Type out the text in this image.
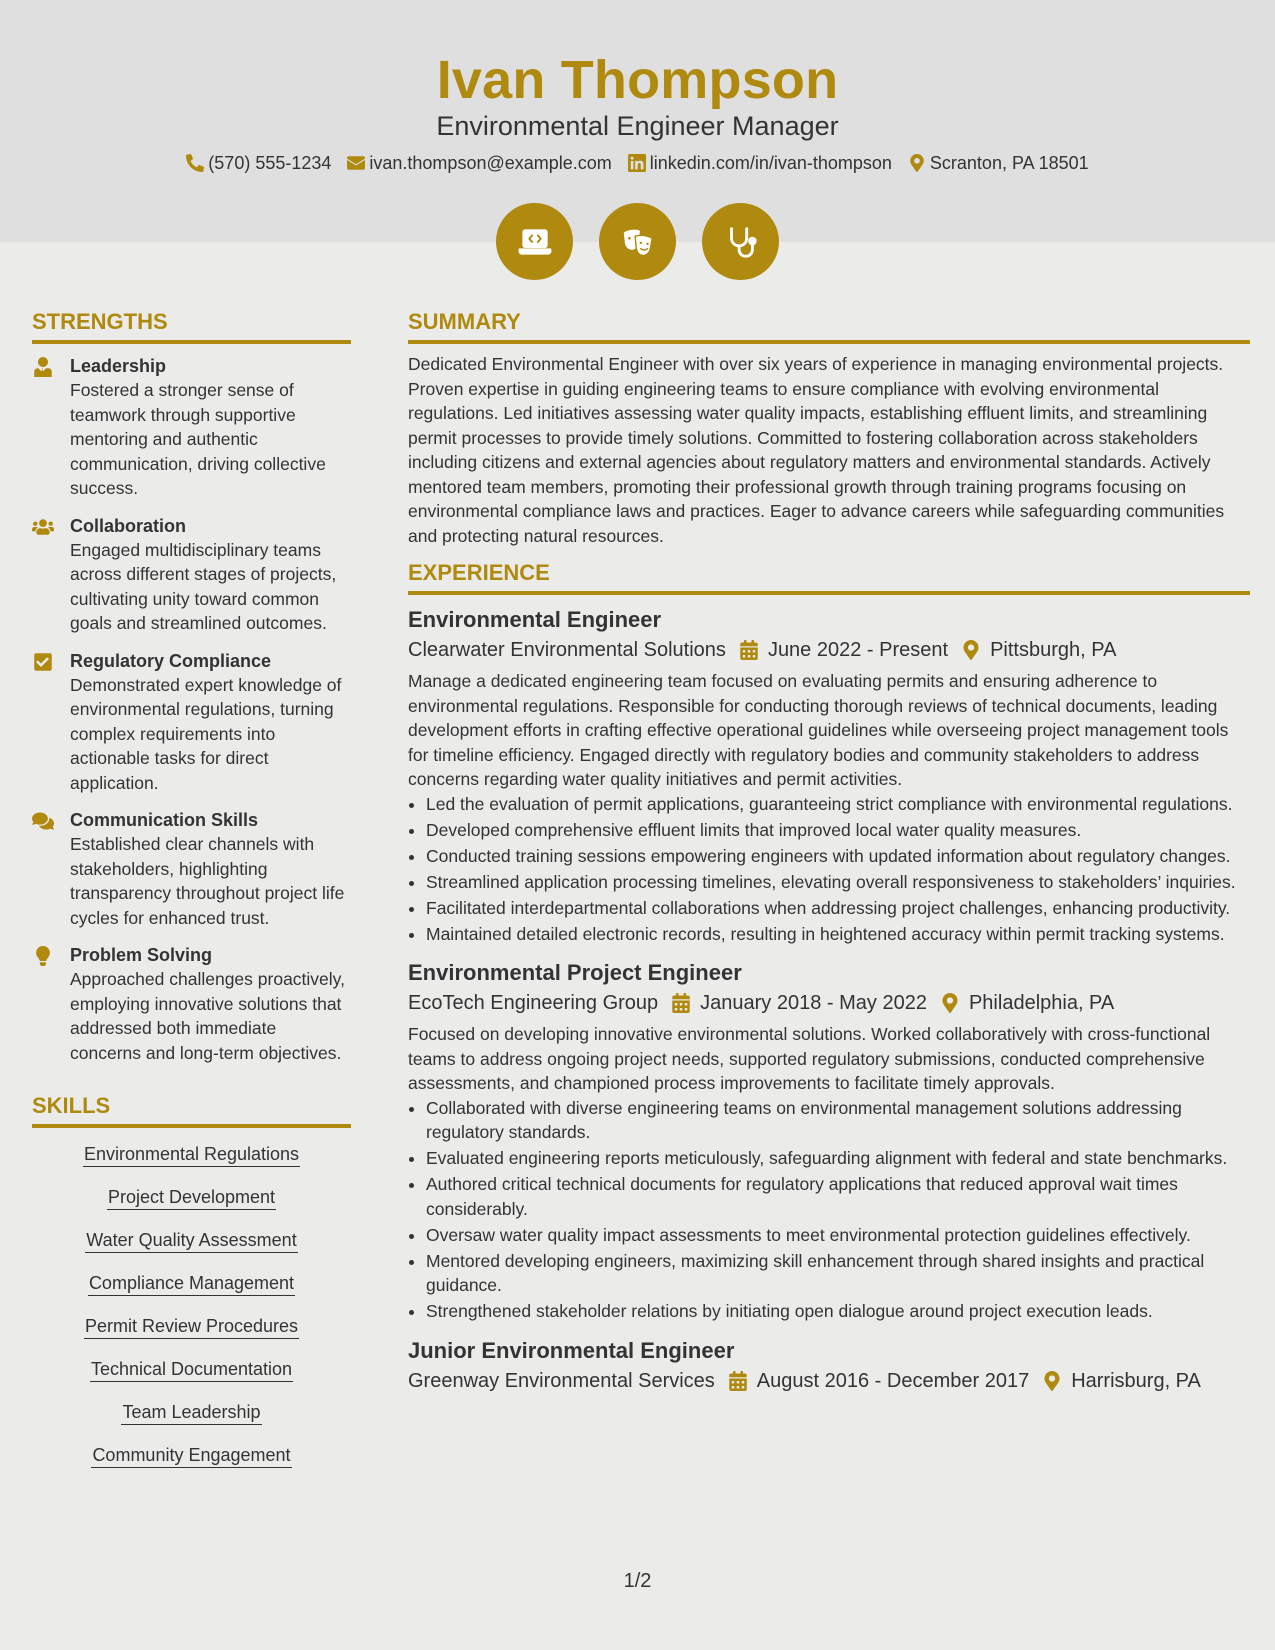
Ivan Thompson
Environmental Engineer Manager
(570) 555-1234 ivan.thompson@example.com linkedin.com/in/ivan-thompson Scranton, PA 18501
STRENGTHS
Leadership
Fostered a stronger sense of teamwork through supportive mentoring and authentic communication, driving collective success.
Collaboration
Engaged multidisciplinary teams across different stages of projects, cultivating unity toward common goals and streamlined outcomes.
Regulatory Compliance
Demonstrated expert knowledge of environmental regulations, turning complex requirements into actionable tasks for direct application.
Communication Skills
Established clear channels with stakeholders, highlighting transparency throughout project life cycles for enhanced trust.
Problem Solving
Approached challenges proactively, employing innovative solutions that addressed both immediate concerns and long-term objectives.
SKILLS
Environmental Regulations
Project Development
Water Quality Assessment
Compliance Management
Permit Review Procedures
Technical Documentation
Team Leadership
Community Engagement
SUMMARY
Dedicated Environmental Engineer with over six years of experience in managing environmental projects. Proven expertise in guiding engineering teams to ensure compliance with evolving environmental regulations. Led initiatives assessing water quality impacts, establishing effluent limits, and streamlining permit processes to provide timely solutions. Committed to fostering collaboration across stakeholders including citizens and external agencies about regulatory matters and environmental standards. Actively mentored team members, promoting their professional growth through training programs focusing on environmental compliance laws and practices. Eager to advance careers while safeguarding communities and protecting natural resources.
EXPERIENCE
Environmental Engineer
Clearwater Environmental Solutions June 2022 - Present Pittsburgh, PA
Manage a dedicated engineering team focused on evaluating permits and ensuring adherence to environmental regulations. Responsible for conducting thorough reviews of technical documents, leading development efforts in crafting effective operational guidelines while overseeing project management tools for timeline efficiency. Engaged directly with regulatory bodies and community stakeholders to address concerns regarding water quality initiatives and permit activities.
• Led the evaluation of permit applications, guaranteeing strict compliance with environmental regulations.
• Developed comprehensive effluent limits that improved local water quality measures.
• Conducted training sessions empowering engineers with updated information about regulatory changes.
• Streamlined application processing timelines, elevating overall responsiveness to stakeholders’ inquiries.
• Facilitated interdepartmental collaborations when addressing project challenges, enhancing productivity.
• Maintained detailed electronic records, resulting in heightened accuracy within permit tracking systems.
Environmental Project Engineer
EcoTech Engineering Group January 2018 - May 2022 Philadelphia, PA
Focused on developing innovative environmental solutions. Worked collaboratively with cross-functional teams to address ongoing project needs, supported regulatory submissions, conducted comprehensive assessments, and championed process improvements to facilitate timely approvals.
• Collaborated with diverse engineering teams on environmental management solutions addressing regulatory standards.
• Evaluated engineering reports meticulously, safeguarding alignment with federal and state benchmarks.
• Authored critical technical documents for regulatory applications that reduced approval wait times considerably.
• Oversaw water quality impact assessments to meet environmental protection guidelines effectively.
• Mentored developing engineers, maximizing skill enhancement through shared insights and practical guidance.
• Strengthened stakeholder relations by initiating open dialogue around project execution leads.
Junior Environmental Engineer
Greenway Environmental Services August 2016 - December 2017 Harrisburg, PA
1/2
